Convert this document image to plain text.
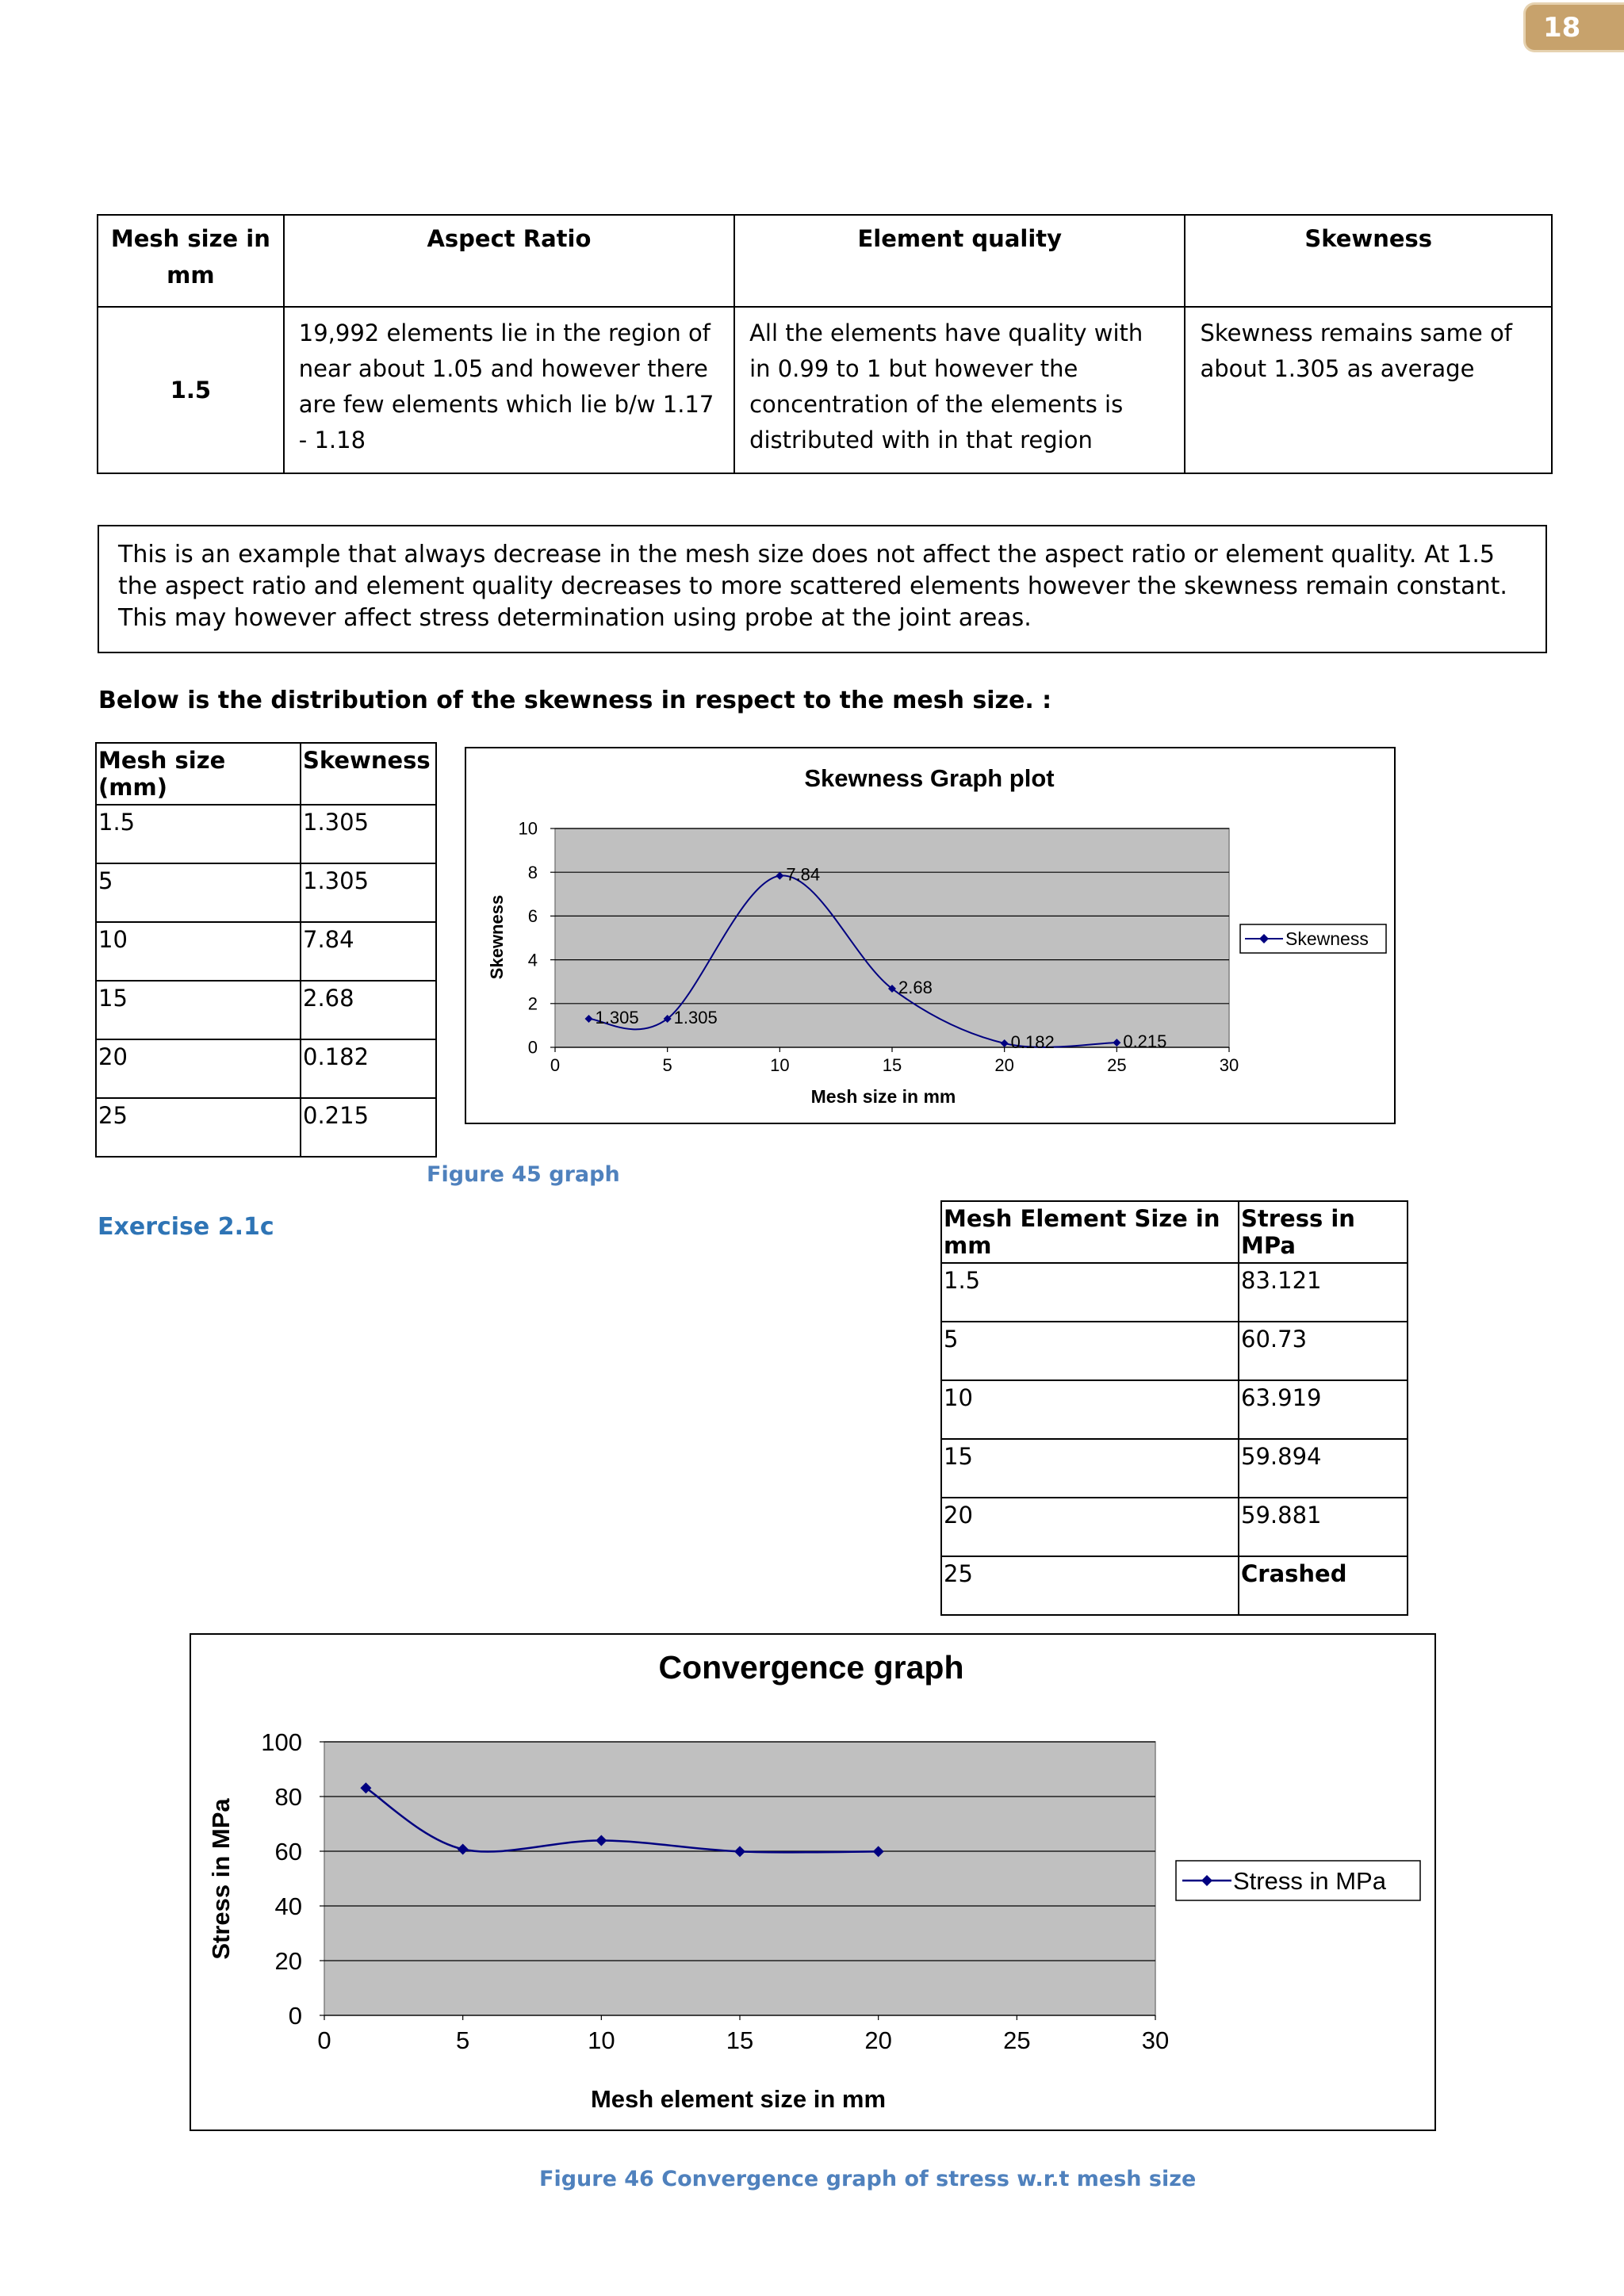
18
Mesh size in mm	Aspect Ratio	Element quality	Skewness
1.5	19,992 elements lie in the region of near about 1.05 and however there are few elements which lie b/w 1.17 - 1.18	All the elements have quality with in 0.99 to 1 but however the concentration of the elements is distributed with in that region	Skewness remains same of about 1.305 as average
This is an example that always decrease in the mesh size does not affect the aspect ratio or element quality. At 1.5 the aspect ratio and element quality decreases to more scattered elements however the skewness remain constant. This may however affect stress determination using probe at the joint areas.
Below is the distribution of the skewness in respect to the mesh size. :
Mesh size (mm)	Skewness
1.5	1.305
5	1.305
10	7.84
15	2.68
20	0.182
25	0.215
Skewness Graph plot
0
2
4
6
8
10
0	5	10	15	20	25	30
1.305 1.305
7.84
2.68
0.182	0.215
Mesh size in mm
Skewness	Skewness
Figure 45 graph
Exercise 2.1c	Mesh Element Size in mm	Stress in MPa
1.5	83.121
5	60.73
10	63.919
15	59.894
20	59.881
25	Crashed
Convergence graph
0
20
40
60
80
100
0	5	10	15	20	25	30
Mesh element size in mm
Stress in MPa	Stress in MPa
Figure 46 Convergence graph of stress w.r.t mesh size
